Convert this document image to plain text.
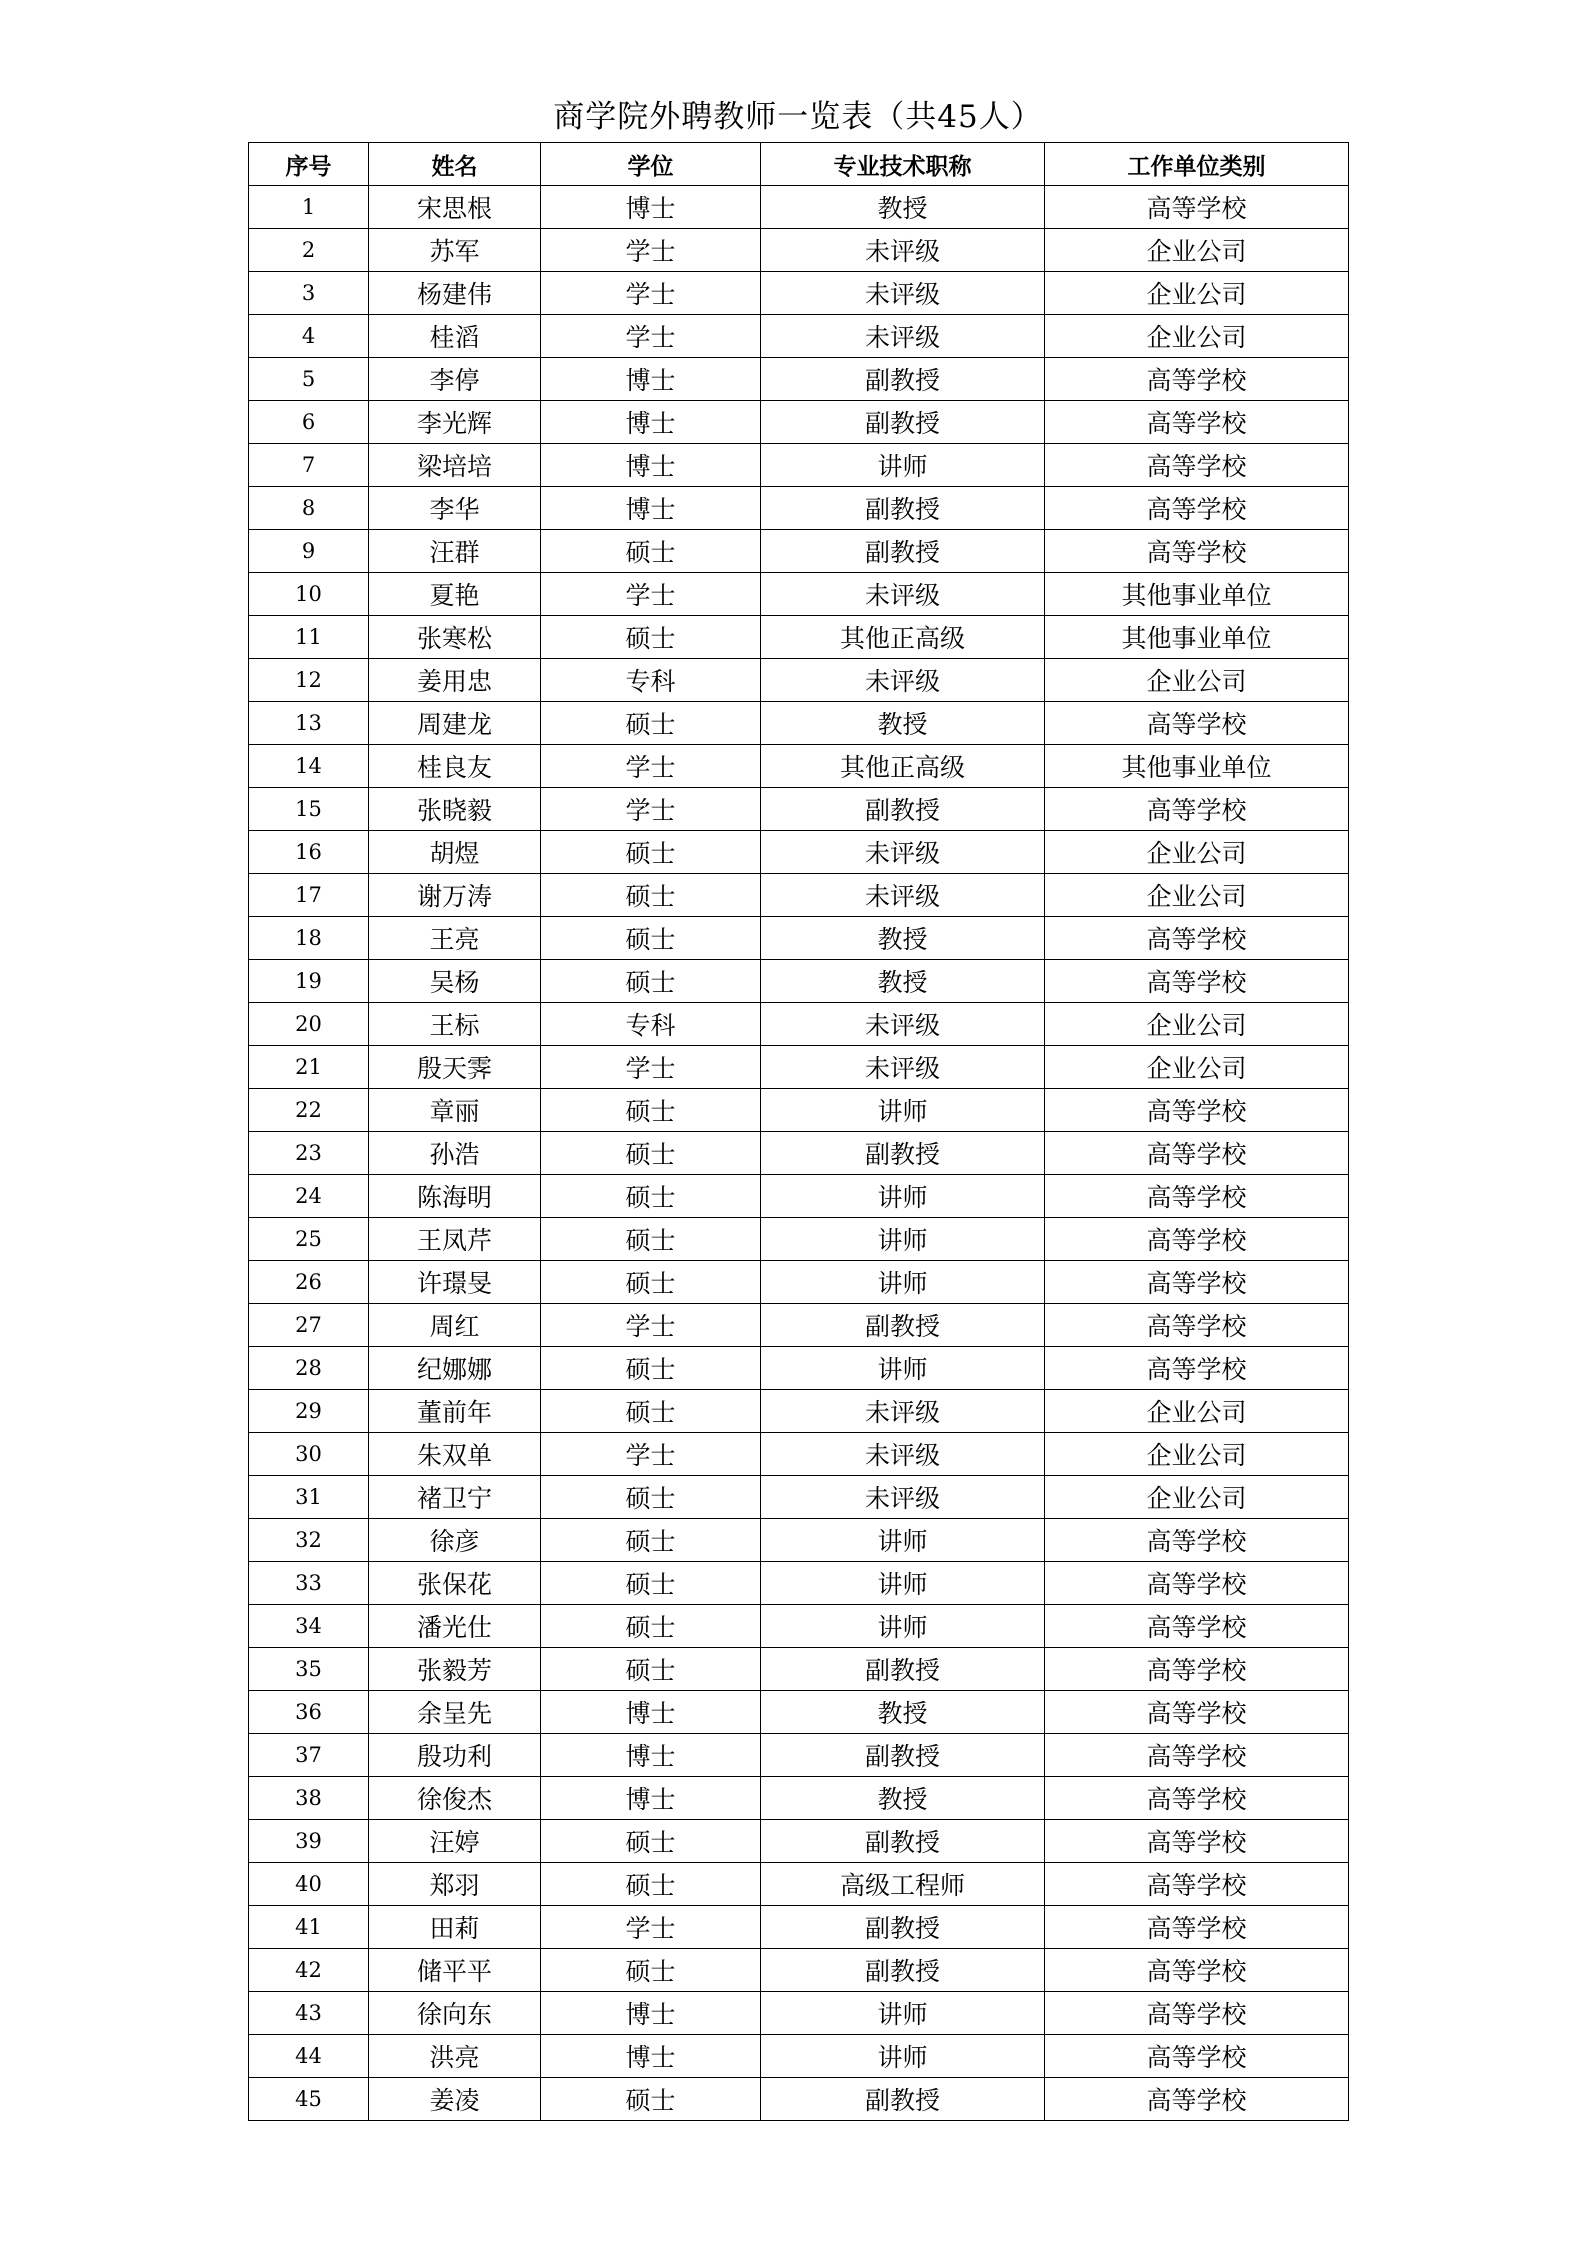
商学院外聘教师一览表（共45人）
序号	姓名	学位	专业技术职称	工作单位类别
1	宋思根	博士	教授	高等学校
2	苏军	学士	未评级	企业公司
3	杨建伟	学士	未评级	企业公司
4	桂滔	学士	未评级	企业公司
5	李停	博士	副教授	高等学校
6	李光辉	博士	副教授	高等学校
7	梁培培	博士	讲师	高等学校
8	李华	博士	副教授	高等学校
9	汪群	硕士	副教授	高等学校
10	夏艳	学士	未评级	其他事业单位
11	张寒松	硕士	其他正高级	其他事业单位
12	姜用忠	专科	未评级	企业公司
13	周建龙	硕士	教授	高等学校
14	桂良友	学士	其他正高级	其他事业单位
15	张晓毅	学士	副教授	高等学校
16	胡煜	硕士	未评级	企业公司
17	谢万涛	硕士	未评级	企业公司
18	王亮	硕士	教授	高等学校
19	吴杨	硕士	教授	高等学校
20	王标	专科	未评级	企业公司
21	殷天霁	学士	未评级	企业公司
22	章丽	硕士	讲师	高等学校
23	孙浩	硕士	副教授	高等学校
24	陈海明	硕士	讲师	高等学校
25	王凤芹	硕士	讲师	高等学校
26	许璟旻	硕士	讲师	高等学校
27	周红	学士	副教授	高等学校
28	纪娜娜	硕士	讲师	高等学校
29	董前年	硕士	未评级	企业公司
30	朱双单	学士	未评级	企业公司
31	褚卫宁	硕士	未评级	企业公司
32	徐彦	硕士	讲师	高等学校
33	张保花	硕士	讲师	高等学校
34	潘光仕	硕士	讲师	高等学校
35	张毅芳	硕士	副教授	高等学校
36	余呈先	博士	教授	高等学校
37	殷功利	博士	副教授	高等学校
38	徐俊杰	博士	教授	高等学校
39	汪婷	硕士	副教授	高等学校
40	郑羽	硕士	高级工程师	高等学校
41	田莉	学士	副教授	高等学校
42	储平平	硕士	副教授	高等学校
43	徐向东	博士	讲师	高等学校
44	洪亮	博士	讲师	高等学校
45	姜凌	硕士	副教授	高等学校
